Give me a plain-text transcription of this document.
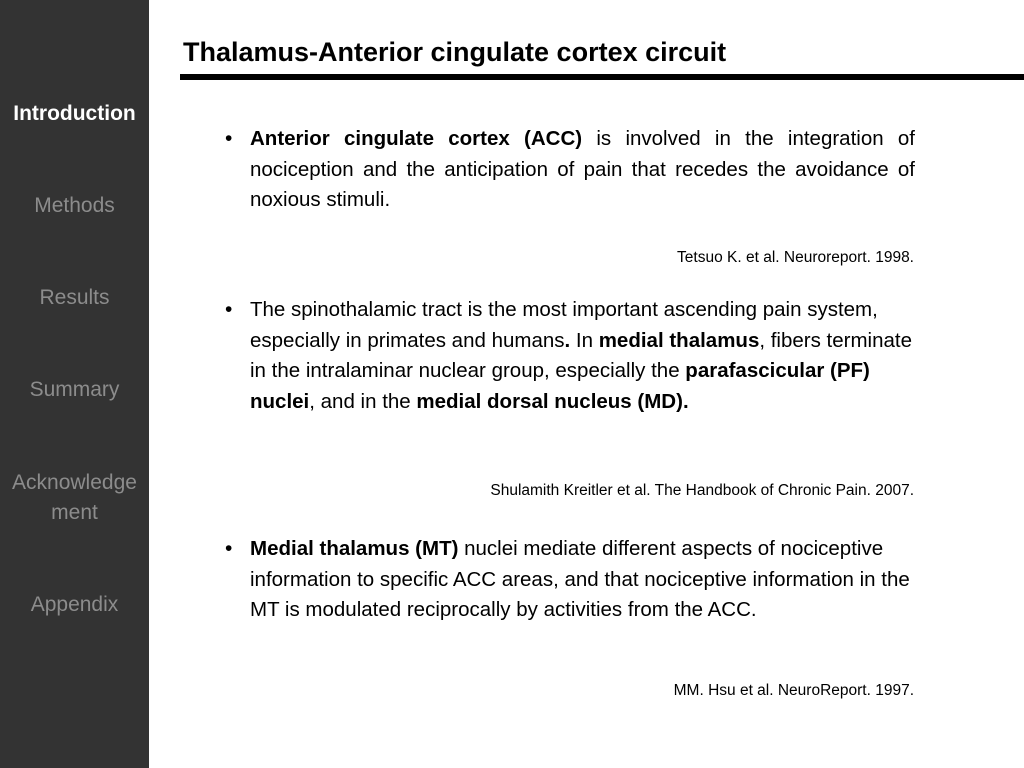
Introduction
Methods
Results
Summary
Acknowledge
ment
Appendix
Thalamus-Anterior cingulate cortex circuit
• Anterior cingulate cortex (ACC) is involved in the integration of nociception and the anticipation of pain that recedes the avoidance of noxious stimuli.
Tetsuo K. et al. Neuroreport. 1998.
• The spinothalamic tract is the most important ascending pain system, especially in primates and humans. In medial thalamus, fibers terminate in the intralaminar nuclear group, especially the parafascicular (PF) nuclei, and in the medial dorsal nucleus (MD).
Shulamith Kreitler et al. The Handbook of Chronic Pain. 2007.
• Medial thalamus (MT) nuclei mediate different aspects of nociceptive information to specific ACC areas, and that nociceptive information in the MT is modulated reciprocally by activities from the ACC.
MM. Hsu et al. NeuroReport. 1997.
